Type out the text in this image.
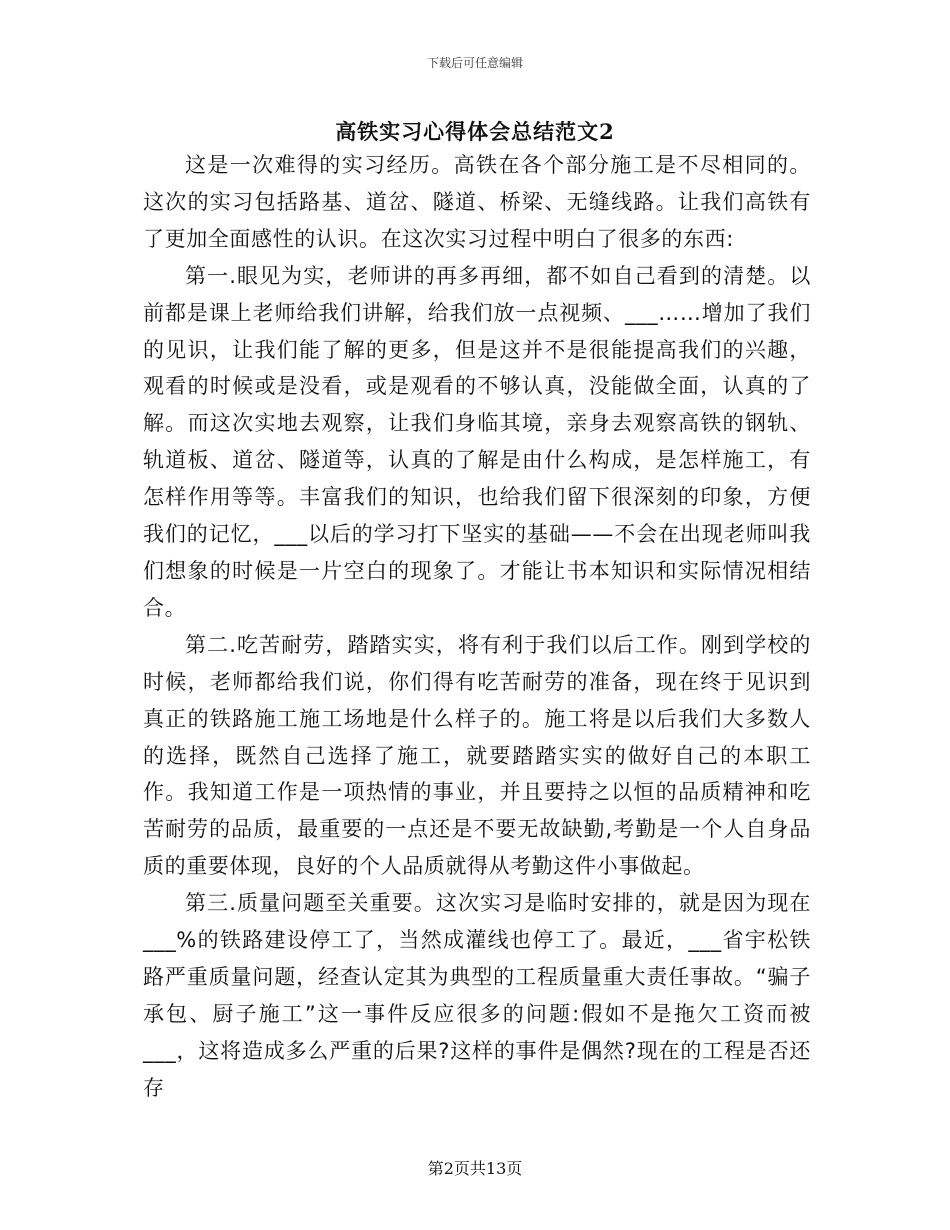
下载后可任意编辑
高铁实习心得体会总结范文2

这是一次难得的实习经历。高铁在各个部分施工是不尽相同的。这次的实习包括路基、道岔、隧道、桥梁、无缝线路。让我们高铁有了更加全面感性的认识。在这次实习过程中明白了很多的东西:

第一.眼见为实，老师讲的再多再细，都不如自己看到的清楚。以前都是课上老师给我们讲解，给我们放一点视频、___……增加了我们的见识，让我们能了解的更多，但是这并不是很能提高我们的兴趣，观看的时候或是没看，或是观看的不够认真，没能做全面，认真的了解。而这次实地去观察，让我们身临其境，亲身去观察高铁的钢轨、轨道板、道岔、隧道等，认真的了解是由什么构成，是怎样施工，有怎样作用等等。丰富我们的知识，也给我们留下很深刻的印象，方便我们的记忆，___以后的学习打下坚实的基础——不会在出现老师叫我们想象的时候是一片空白的现象了。才能让书本知识和实际情况相结合。

第二.吃苦耐劳，踏踏实实，将有利于我们以后工作。刚到学校的时候，老师都给我们说，你们得有吃苦耐劳的准备，现在终于见识到真正的铁路施工施工场地是什么样子的。施工将是以后我们大多数人的选择，既然自己选择了施工，就要踏踏实实的做好自己的本职工作。我知道工作是一项热情的事业，并且要持之以恒的品质精神和吃苦耐劳的品质，最重要的一点还是不要无故缺勤,考勤是一个人自身品质的重要体现，良好的个人品质就得从考勤这件小事做起。

第三.质量问题至关重要。这次实习是临时安排的，就是因为现在___%的铁路建设停工了，当然成灌线也停工了。最近，___省宇松铁路严重质量问题，经查认定其为典型的工程质量重大责任事故。“骗子承包、厨子施工”这一事件反应很多的问题:假如不是拖欠工资而被___，这将造成多么严重的后果?这样的事件是偶然?现在的工程是否还存

第2页共13页
